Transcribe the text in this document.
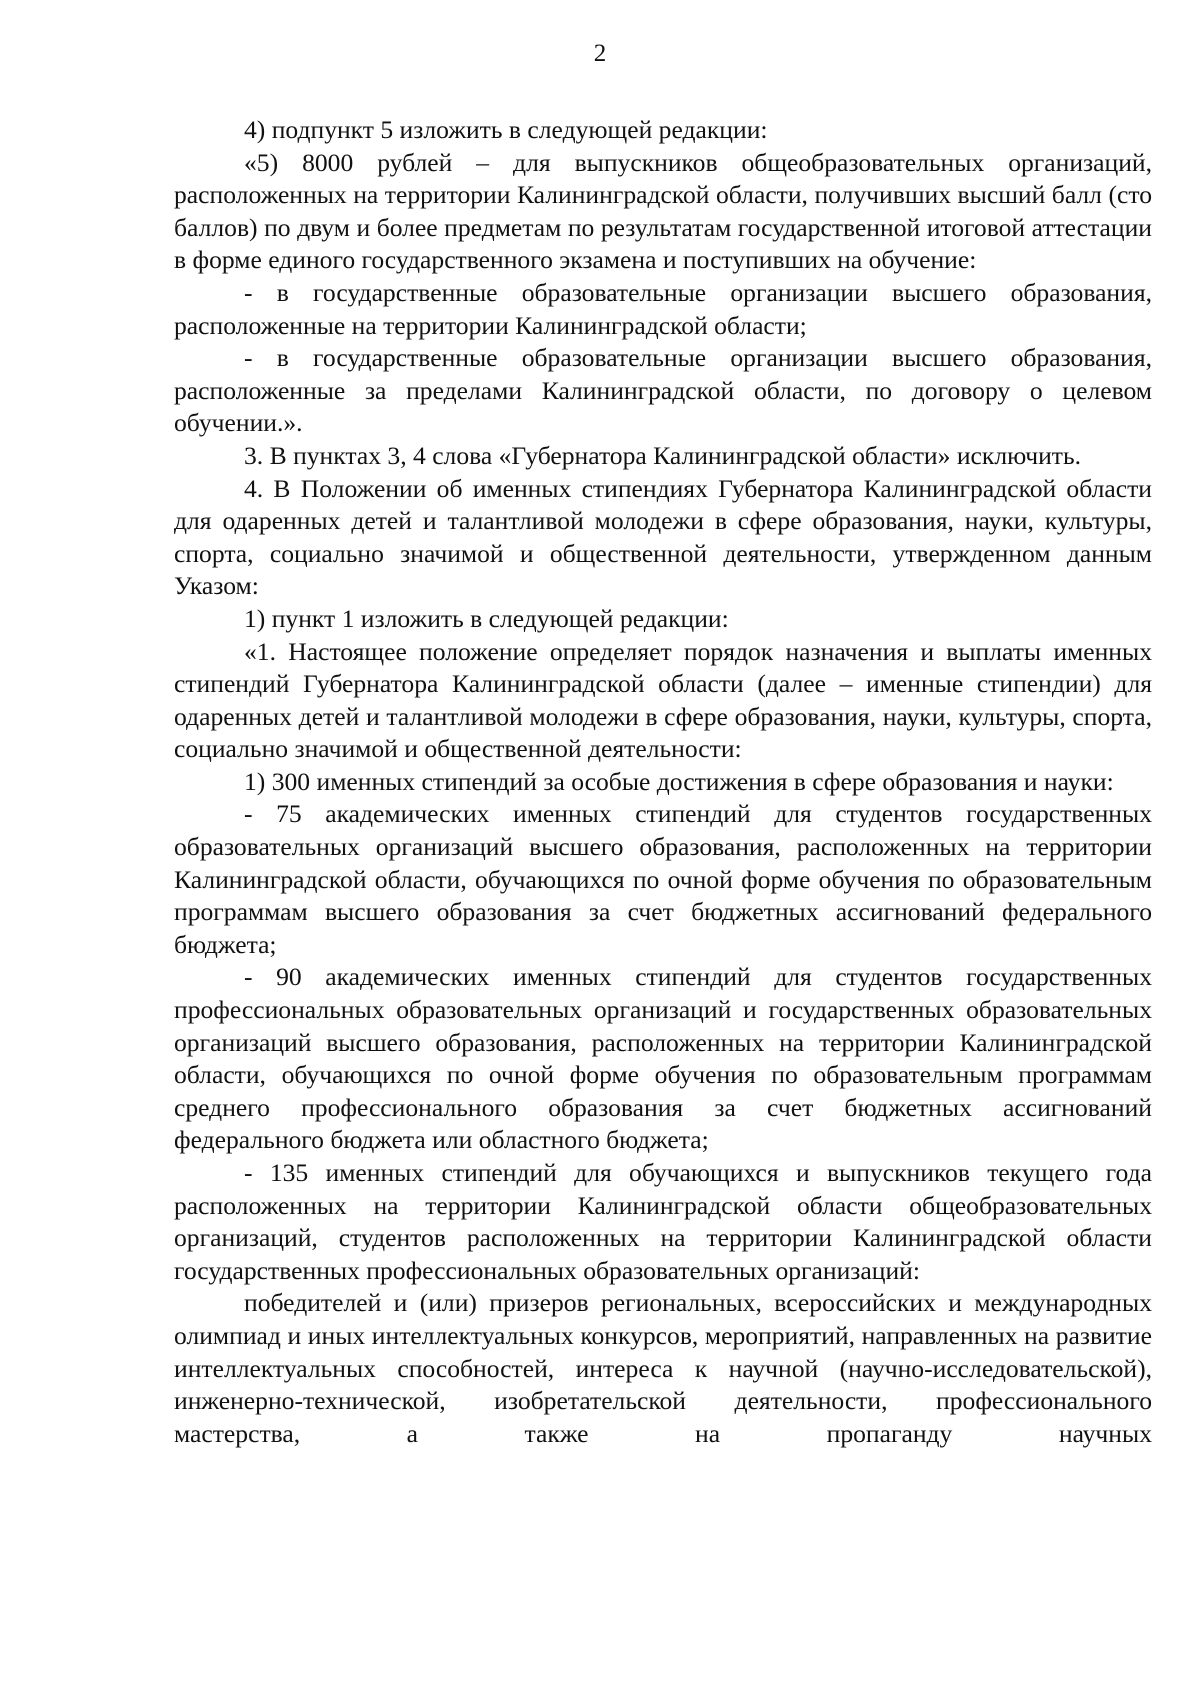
2

4) подпункт 5 изложить в следующей редакции:

«5) 8000 рублей – для выпускников общеобразовательных организаций, расположенных на территории Калининградской области, получивших высший балл (сто баллов) по двум и более предметам по результатам государственной итоговой аттестации в форме единого государственного экзамена и поступивших на обучение:

- в государственные образовательные организации высшего образования, расположенные на территории Калининградской области;

- в государственные образовательные организации высшего образования, расположенные за пределами Калининградской области, по договору о целевом обучении.».

3. В пунктах 3, 4 слова «Губернатора Калининградской области» исключить.

4. В Положении об именных стипендиях Губернатора Калининградской области для одаренных детей и талантливой молодежи в сфере образования, науки, культуры, спорта, социально значимой и общественной деятельности, утвержденном данным Указом:

1) пункт 1 изложить в следующей редакции:

«1. Настоящее положение определяет порядок назначения и выплаты именных стипендий Губернатора Калининградской области (далее – именные стипендии) для одаренных детей и талантливой молодежи в сфере образования, науки, культуры, спорта, социально значимой и общественной деятельности:

1) 300 именных стипендий за особые достижения в сфере образования и науки:

- 75 академических именных стипендий для студентов государственных образовательных организаций высшего образования, расположенных на территории Калининградской области, обучающихся по очной форме обучения по образовательным программам высшего образования за счет бюджетных ассигнований федерального бюджета;

- 90 академических именных стипендий для студентов государственных профессиональных образовательных организаций и государственных образовательных организаций высшего образования, расположенных на территории Калининградской области, обучающихся по очной форме обучения по образовательным программам среднего профессионального образования за счет бюджетных ассигнований федерального бюджета или областного бюджета;

- 135 именных стипендий для обучающихся и выпускников текущего года расположенных на территории Калининградской области общеобразовательных организаций, студентов расположенных на территории Калининградской области государственных профессиональных образовательных организаций:

победителей и (или) призеров региональных, всероссийских и международных олимпиад и иных интеллектуальных конкурсов, мероприятий, направленных на развитие интеллектуальных способностей, интереса к научной (научно-исследовательской), инженерно-технической, изобретательской деятельности, профессионального мастерства, а также на пропаганду научных
